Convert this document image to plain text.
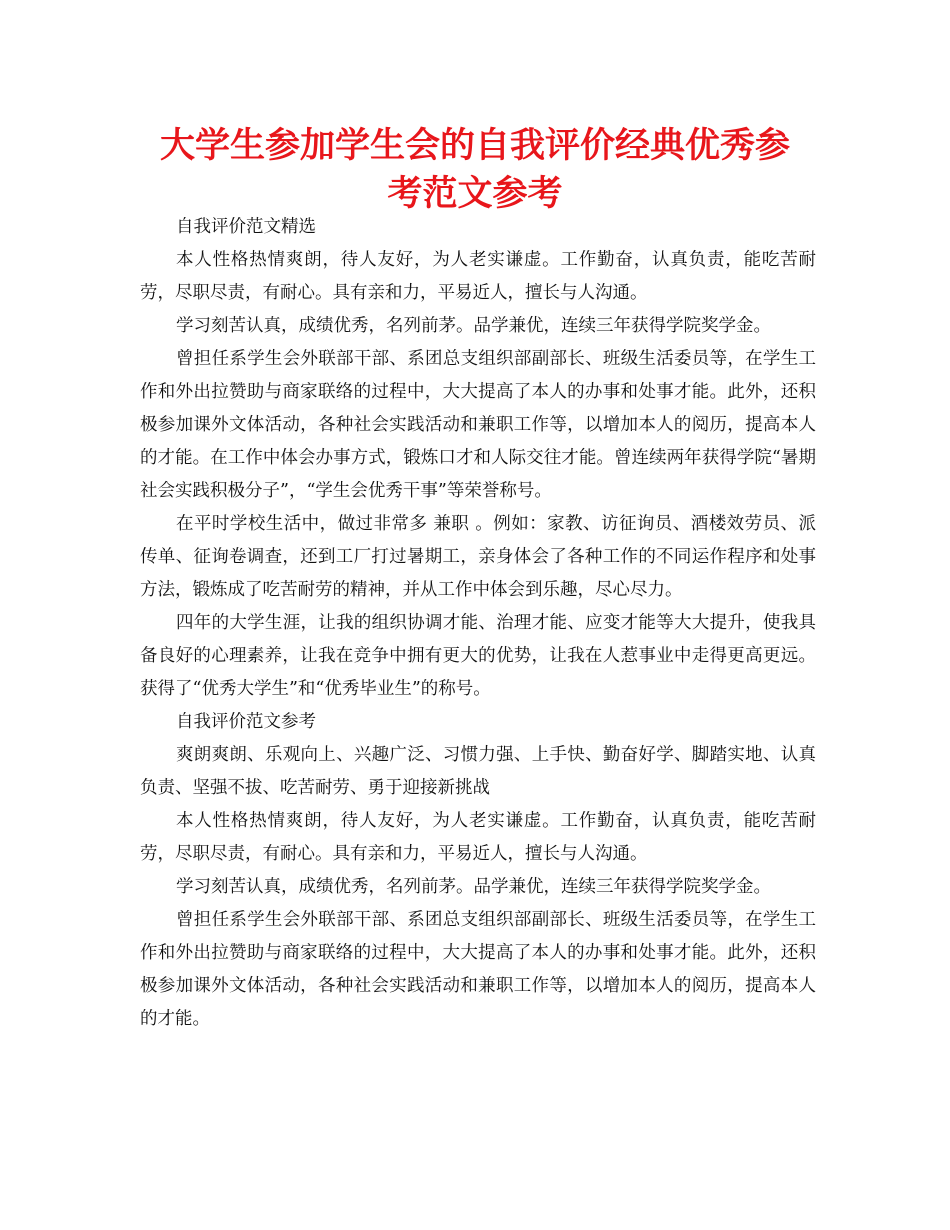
大学生参加学生会的自我评价经典优秀参
考范文参考

自我评价范文精选

本人性格热情爽朗，待人友好，为人老实谦虚。工作勤奋，认真负责，能吃苦耐劳，尽职尽责，有耐心。具有亲和力，平易近人，擅长与人沟通。

学习刻苦认真，成绩优秀，名列前茅。品学兼优，连续三年获得学院奖学金。

曾担任系学生会外联部干部、系团总支组织部副部长、班级生活委员等，在学生工作和外出拉赞助与商家联络的过程中，大大提高了本人的办事和处事才能。此外，还积极参加课外文体活动，各种社会实践活动和兼职工作等，以增加本人的阅历，提高本人的才能。在工作中体会办事方式，锻炼口才和人际交往才能。曾连续两年获得学院“暑期社会实践积极分子”，“学生会优秀干事”等荣誉称号。

在平时学校生活中，做过非常多 兼职 。例如：家教、访征询员、酒楼效劳员、派传单、征询卷调查，还到工厂打过暑期工，亲身体会了各种工作的不同运作程序和处事方法，锻炼成了吃苦耐劳的精神，并从工作中体会到乐趣，尽心尽力。

四年的大学生涯，让我的组织协调才能、治理才能、应变才能等大大提升，使我具备良好的心理素养，让我在竞争中拥有更大的优势，让我在人惹事业中走得更高更远。获得了“优秀大学生”和“优秀毕业生”的称号。

自我评价范文参考

爽朗爽朗、乐观向上、兴趣广泛、习惯力强、上手快、勤奋好学、脚踏实地、认真负责、坚强不拔、吃苦耐劳、勇于迎接新挑战

本人性格热情爽朗，待人友好，为人老实谦虚。工作勤奋，认真负责，能吃苦耐劳，尽职尽责，有耐心。具有亲和力，平易近人，擅长与人沟通。

学习刻苦认真，成绩优秀，名列前茅。品学兼优，连续三年获得学院奖学金。

曾担任系学生会外联部干部、系团总支组织部副部长、班级生活委员等，在学生工作和外出拉赞助与商家联络的过程中，大大提高了本人的办事和处事才能。此外，还积极参加课外文体活动，各种社会实践活动和兼职工作等，以增加本人的阅历，提高本人的才能。
